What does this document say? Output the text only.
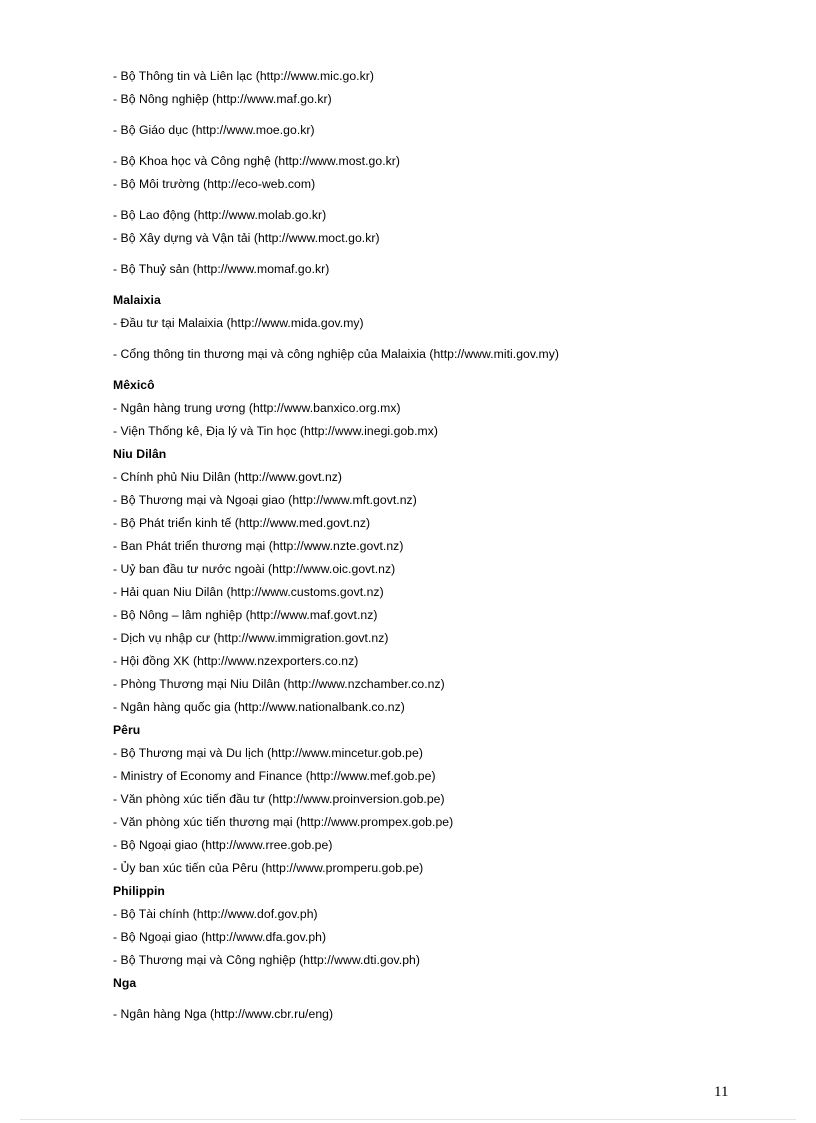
- Bộ Thông tin và Liên lạc (http://www.mic.go.kr)
- Bộ Nông nghiệp (http://www.maf.go.kr)
- Bộ Giáo dục (http://www.moe.go.kr)
- Bộ Khoa học và Công nghệ (http://www.most.go.kr)
- Bộ Môi trường (http://eco-web.com)
- Bộ Lao động (http://www.molab.go.kr)
- Bộ Xây dựng và Vận tải (http://www.moct.go.kr)
- Bộ Thuỷ sản (http://www.momaf.go.kr)
Malaixia
- Đầu tư tại Malaixia (http://www.mida.gov.my)
- Cổng thông tin thương mại và công nghiệp của Malaixia (http://www.miti.gov.my)
Mêxicô
- Ngân hàng trung ương (http://www.banxico.org.mx)
- Viện Thống kê, Địa lý và Tin học (http://www.inegi.gob.mx)
Niu Dilân
- Chính phủ Niu Dilân (http://www.govt.nz)
- Bộ Thương mại và Ngoại giao (http://www.mft.govt.nz)
- Bộ Phát triển kinh tế (http://www.med.govt.nz)
- Ban Phát triển thương mại (http://www.nzte.govt.nz)
- Uỷ ban đầu tư nước ngoài (http://www.oic.govt.nz)
- Hải quan Niu Dilân (http://www.customs.govt.nz)
- Bộ Nông – lâm nghiệp (http://www.maf.govt.nz)
- Dịch vụ nhập cư (http://www.immigration.govt.nz)
- Hội đồng XK (http://www.nzexporters.co.nz)
- Phòng Thương mại Niu Dilân (http://www.nzchamber.co.nz)
- Ngân hàng quốc gia (http://www.nationalbank.co.nz)
Pêru
- Bộ Thương mại và Du lịch (http://www.mincetur.gob.pe)
- Ministry of Economy and Finance (http://www.mef.gob.pe)
- Văn phòng xúc tiến đầu tư (http://www.proinversion.gob.pe)
- Văn phòng xúc tiến thương mại (http://www.prompex.gob.pe)
- Bộ Ngoại giao (http://www.rree.gob.pe)
- Ủy ban xúc tiến của Pêru (http://www.promperu.gob.pe)
Philippin
- Bộ Tài chính (http://www.dof.gov.ph)
- Bộ Ngoại giao (http://www.dfa.gov.ph)
- Bộ Thương mại và Công nghiệp (http://www.dti.gov.ph)
Nga
- Ngân hàng Nga (http://www.cbr.ru/eng)
11
